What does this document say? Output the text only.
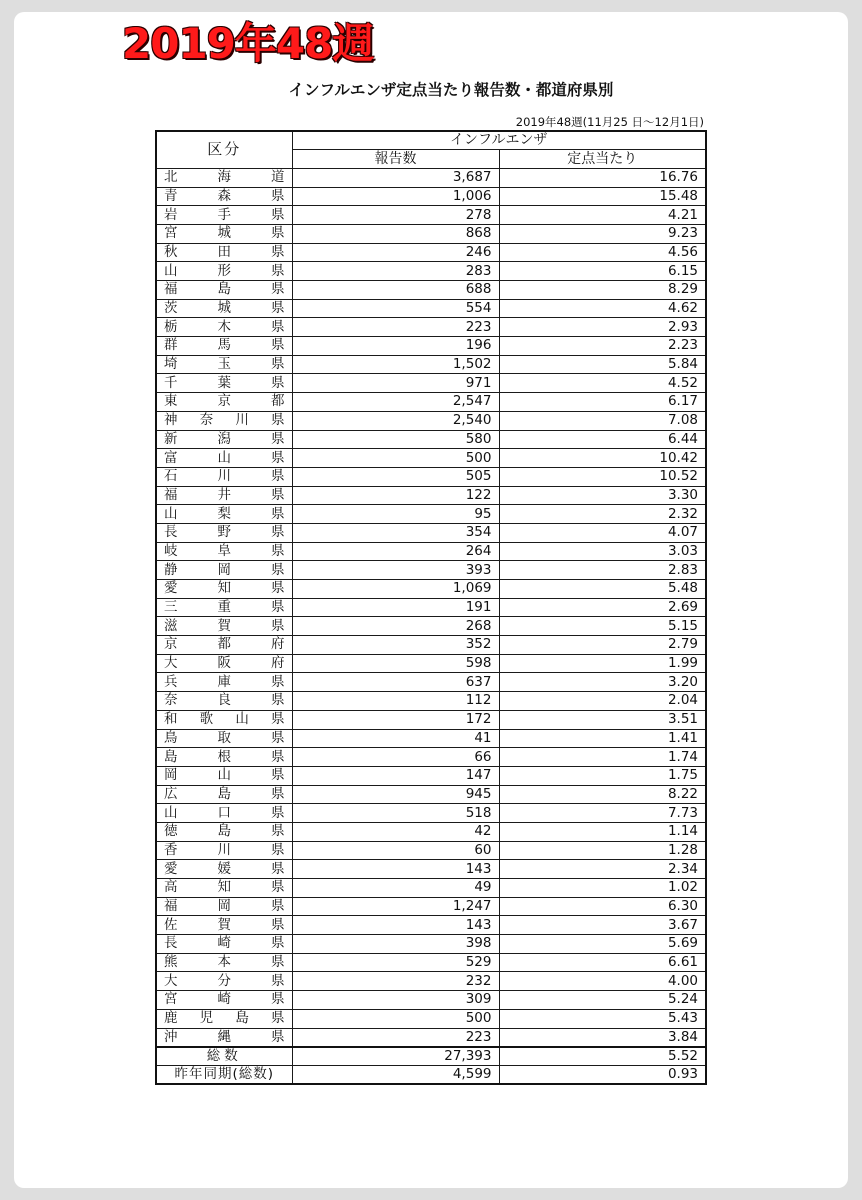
2019年48週
インフルエンザ定点当たり報告数・都道府県別
2019年48週(11月25 日〜12月1日)
区分	インフルエンザ	
	報告数	定点当たり

北 海 道	3,687	16.76

青 森 県	1,006	15.48

岩 手 県	278	4.21

宮 城 県	868	9.23

秋 田 県	246	4.56

山 形 県	283	6.15

福 島 県	688	8.29

茨 城 県	554	4.62

栃 木 県	223	2.93

群 馬 県	196	2.23

埼 玉 県	1,502	5.84

千 葉 県	971	4.52

東 京 都	2,547	6.17

神 奈 川 県	2,540	7.08

新 潟 県	580	6.44

富 山 県	500	10.42

石 川 県	505	10.52

福 井 県	122	3.30

山 梨 県	95	2.32

長 野 県	354	4.07

岐 阜 県	264	3.03

静 岡 県	393	2.83

愛 知 県	1,069	5.48

三 重 県	191	2.69

滋 賀 県	268	5.15

京 都 府	352	2.79

大 阪 府	598	1.99

兵 庫 県	637	3.20

奈 良 県	112	2.04

和 歌 山 県	172	3.51

鳥 取 県	41	1.41

島 根 県	66	1.74

岡 山 県	147	1.75

広 島 県	945	8.22

山 口 県	518	7.73

徳 島 県	42	1.14

香 川 県	60	1.28

愛 媛 県	143	2.34

高 知 県	49	1.02

福 岡 県	1,247	6.30

佐 賀 県	143	3.67

長 崎 県	398	5.69

熊 本 県	529	6.61

大 分 県	232	4.00

宮 崎 県	309	5.24

鹿 児 島 県	500	5.43

沖 縄 県	223	3.84
総数	27,393	5.52
昨年同期(総数)	4,599	0.93
